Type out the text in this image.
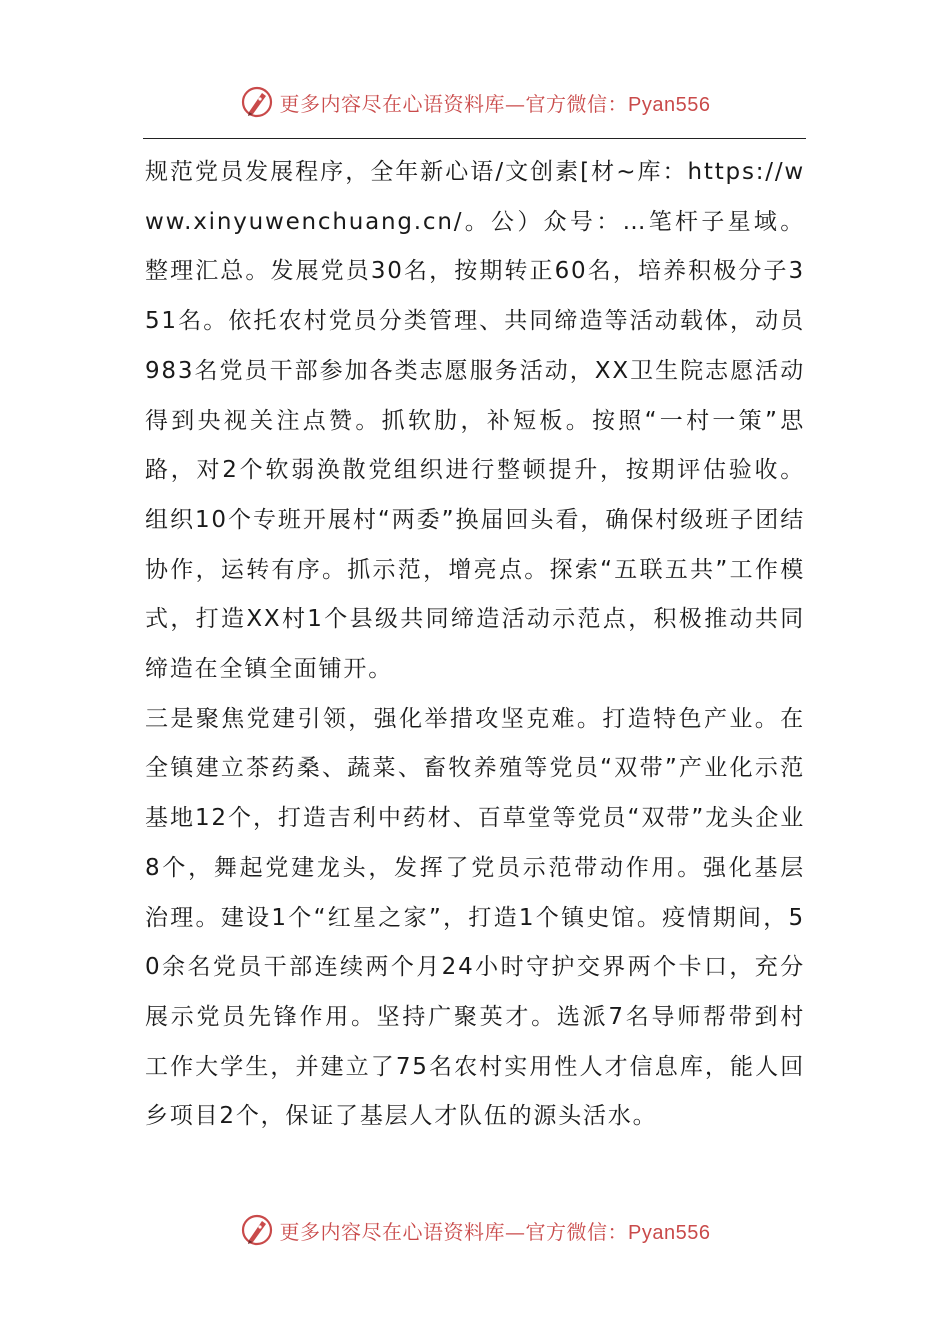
更多内容尽在心语资料库—官方微信：Pyan556

规范党员发展程序，全年新心语/文创素[材~库：https://www.xinyuwenchuang.cn/。公）众号：…笔杆子星域。整理汇总。发展党员30名，按期转正60名，培养积极分子351名。依托农村党员分类管理、共同缔造等活动载体，动员983名党员干部参加各类志愿服务活动，XX卫生院志愿活动得到央视关注点赞。抓软肋，补短板。按照“一村一策”思路，对2个软弱涣散党组织进行整顿提升，按期评估验收。组织10个专班开展村“两委”换届回头看，确保村级班子团结协作，运转有序。抓示范，增亮点。探索“五联五共”工作模式，打造XX村1个县级共同缔造活动示范点，积极推动共同缔造在全镇全面铺开。

三是聚焦党建引领，强化举措攻坚克难。打造特色产业。在全镇建立茶药桑、蔬菜、畜牧养殖等党员“双带”产业化示范基地12个，打造吉利中药材、百草堂等党员“双带”龙头企业8个，舞起党建龙头，发挥了党员示范带动作用。强化基层治理。建设1个“红星之家”，打造1个镇史馆。疫情期间，50余名党员干部连续两个月24小时守护交界两个卡口，充分展示党员先锋作用。坚持广聚英才。选派7名导师帮带到村工作大学生，并建立了75名农村实用性人才信息库，能人回乡项目2个，保证了基层人才队伍的源头活水。

更多内容尽在心语资料库—官方微信：Pyan556
